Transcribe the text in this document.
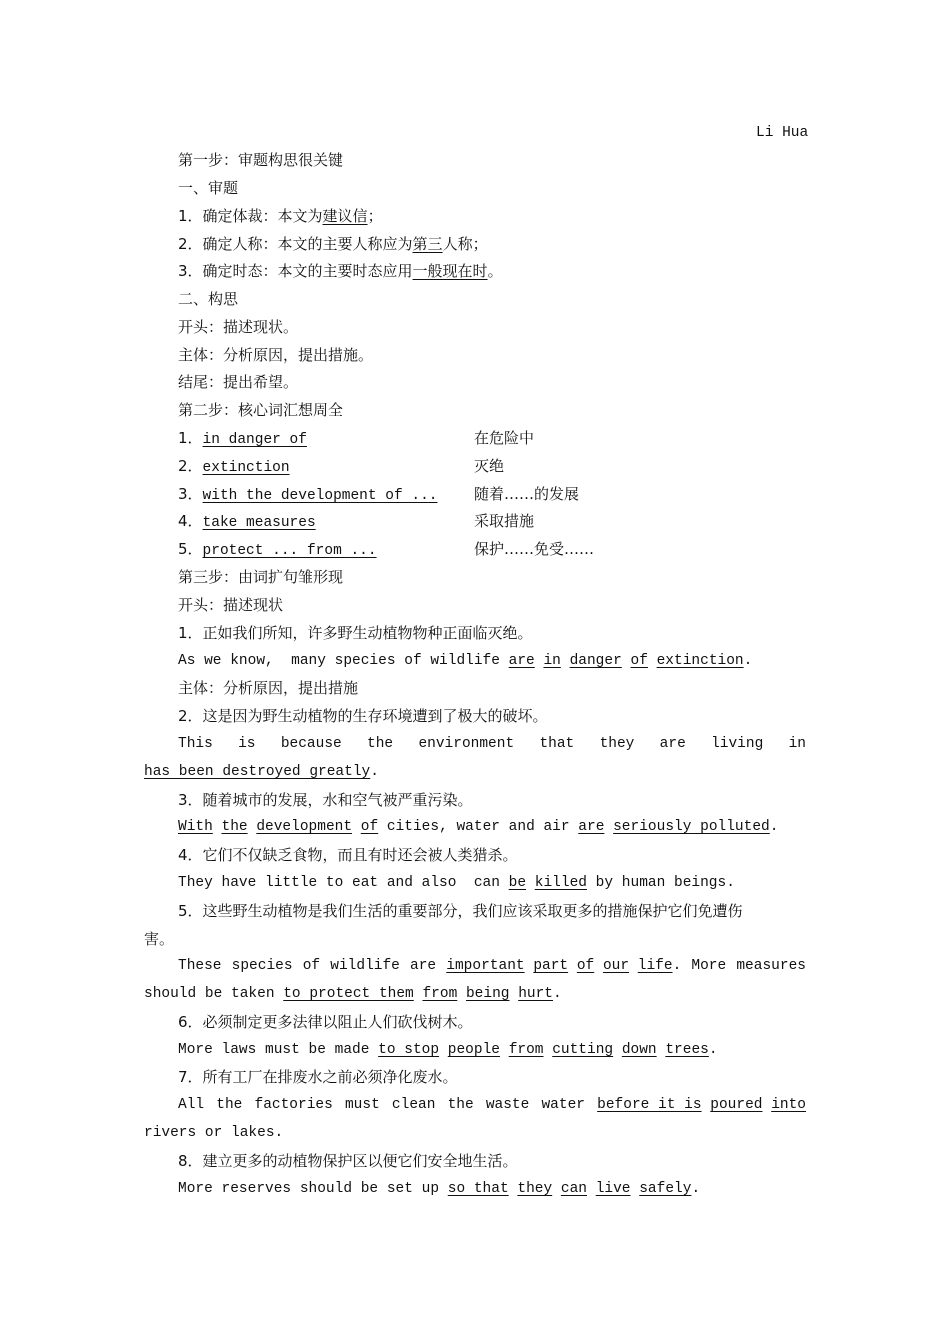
Li Hua
第一步：审题构思很关键
一、审题
1．确定体裁：本文为建议信；
2．确定人称：本文的主要人称应为第三人称；
3．确定时态：本文的主要时态应用一般现在时。
二、构思
开头：描述现状。
主体：分析原因，提出措施。
结尾：提出希望。
第二步：核心词汇想周全
1．in danger of	在危险中
2．extinction	灭绝
3．with the development of ... 随着……的发展
4．take measures	采取措施
5．protect ... from ...	保护……免受……
第三步：由词扩句雏形现
开头：描述现状
1．正如我们所知，许多野生动植物物种正面临灭绝。
As we know,  many species of wildlife are in danger of extinction.
主体：分析原因，提出措施
2．这是因为野生动植物的生存环境遭到了极大的破坏。
This is because the environment that they are living in
has been destroyed greatly.
3．随着城市的发展，水和空气被严重污染。
With the development of cities, water and air are seriously polluted.
4．它们不仅缺乏食物，而且有时还会被人类猎杀。
They have little to eat and also  can be killed by human beings.
5．这些野生动植物是我们生活的重要部分，我们应该采取更多的措施保护它们免遭伤
害。
These species of wildlife are important part of our life. More measures
should be taken to protect them from being hurt.
6．必须制定更多法律以阻止人们砍伐树木。
More laws must be made to stop people from cutting down trees.
7．所有工厂在排废水之前必须净化废水。
All the factories must clean the waste water before it is poured into
rivers or lakes.
8．建立更多的动植物保护区以便它们安全地生活。
More reserves should be set up so that they can live safely.
